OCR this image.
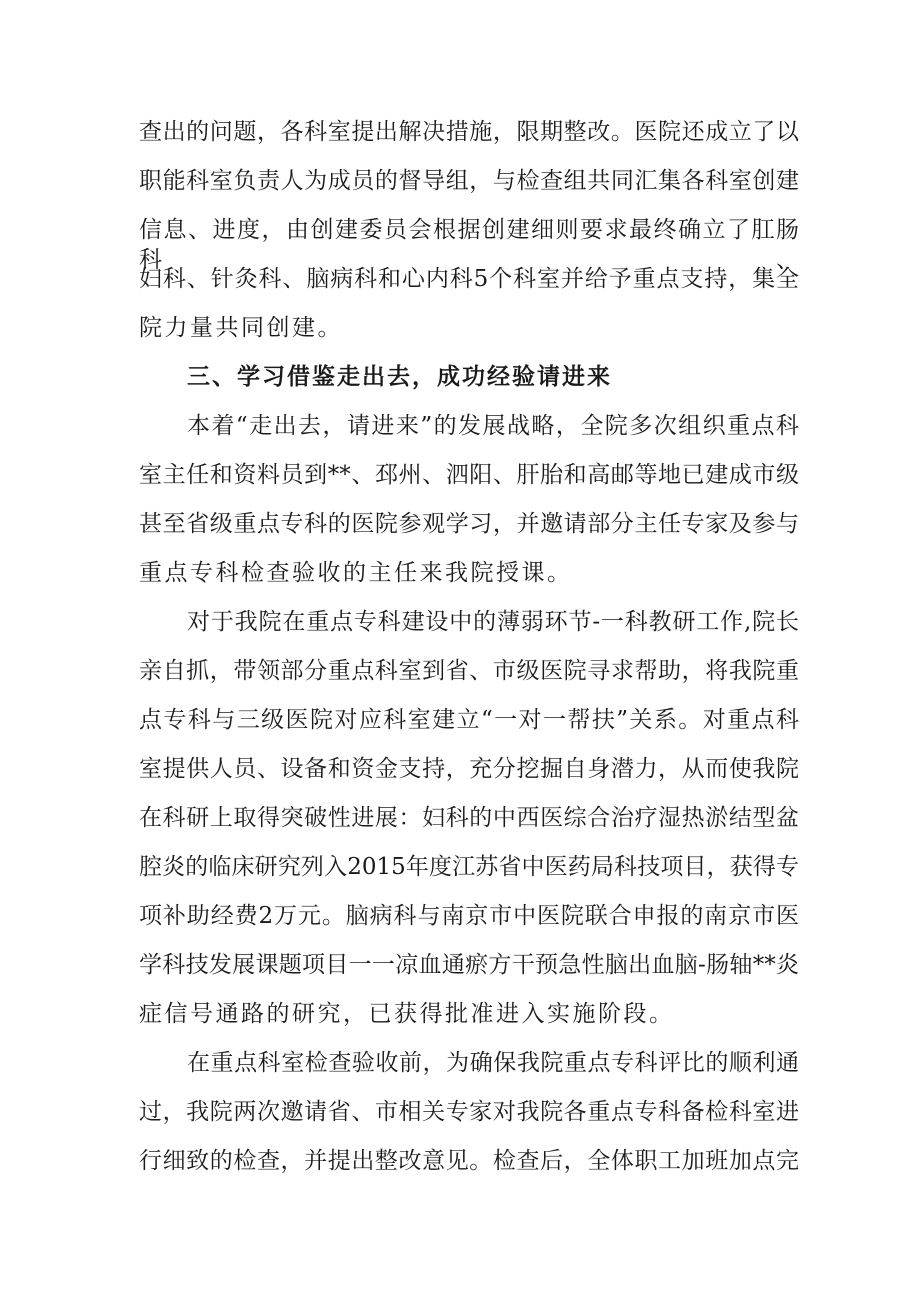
查出的问题，各科室提出解决措施，限期整改。医院还成立了以
职能科室负责人为成员的督导组，与检查组共同汇集各科室创建
信息、进度，由创建委员会根据创建细则要求最终确立了肛肠科、
妇科、针灸科、脑病科和心内科5个科室并给予重点支持，集全
院力量共同创建。
三、学习借鉴走出去，成功经验请进来
本着“走出去，请进来”的发展战略，全院多次组织重点科
室主任和资料员到**、邳州、泗阳、肝胎和高邮等地已建成市级
甚至省级重点专科的医院参观学习，并邀请部分主任专家及参与
重点专科检查验收的主任来我院授课。
对于我院在重点专科建设中的薄弱环节-一科教研工作,院长
亲自抓，带领部分重点科室到省、市级医院寻求帮助，将我院重
点专科与三级医院对应科室建立“一对一帮扶”关系。对重点科
室提供人员、设备和资金支持，充分挖掘自身潜力，从而使我院
在科研上取得突破性进展：妇科的中西医综合治疗湿热淤结型盆
腔炎的临床研究列入2015年度江苏省中医药局科技项目，获得专
项补助经费2万元。脑病科与南京市中医院联合申报的南京市医
学科技发展课题项目一一凉血通瘀方干预急性脑出血脑-肠轴**炎
症信号通路的研究，已获得批准进入实施阶段。
在重点科室检查验收前，为确保我院重点专科评比的顺利通
过，我院两次邀请省、市相关专家对我院各重点专科备检科室进
行细致的检查，并提出整改意见。检查后，全体职工加班加点完
